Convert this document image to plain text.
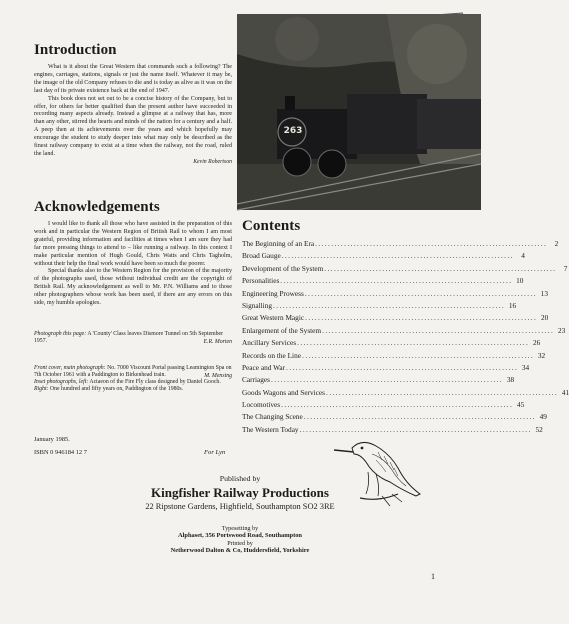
Introduction

What is it about the Great Western that commands such a following? The engines, carriages, stations, signals or just the name itself. Whatever it may be, the image of the old Company refuses to die and is today as alive as it was on the last day of its private existence back at the end of 1947.

This book does not set out to be a concise history of the Company, but to offer, for others far better qualified than the present author have succeeded in recording many aspects already. Instead a glimpse at a railway that has, more than any other, stirred the hearts and minds of the nation for a century and a half. A peep then at its achievements over the years and which hopefully may encourage the student to study deeper into what may only be described as the finest railway company to exist at a time when the railway, not the road, ruled the land.

Kevin Robertson

263
Acknowledgements

I would like to thank all those who have assisted in the preparation of this work and in particular the Western Region of British Rail to whom I am most grateful, providing information and facilities at times when I am sure they had far more pressing things to attend to – like running a railway. In this context I make particular mention of Hugh Gould, Chris Watts and Chris Tagholm, without their help the final work would have been so much the poorer.

Special thanks also to the Western Region for the provision of the majority of the photographs used, those without individual credit are the copyright of British Rail. My acknowledgement as well to Mr. P.N. Williams and to those other photographers whose work has been used, if there are any errors on this side, my humble apologies.

Photograph this page: A 'County' Class leaves Dismore Tunnel on 5th September 1957.	E.R. Morten

Front cover, main photograph: No. 7000 Viscount Portal passing Leamington Spa on 7th October 1961 with a Paddington to Birkenhead train.	M. Mensing

Inset photographs, left: Actaeon of the Fire Fly class designed by Daniel Gooch. Right: One hundred and fifty years on, Paddington of the 1980s.

Contents
The Beginning of an Era ........................................................................	2
Broad Gauge ........................................................................	4
Development of the System ........................................................................	7
Personalities ........................................................................ 10
Engineering Prowess ........................................................................ 13
Signalling ........................................................................ 16
Great Western Magic ........................................................................ 20
Enlargement of the System ........................................................................ 23
Ancillary Services ........................................................................ 26
Records on the Line ........................................................................ 32
Peace and War ........................................................................ 34
Carriages ........................................................................ 38
Goods Wagons and Services ........................................................................ 41
Locomotives ........................................................................ 45
The Changing Scene ........................................................................ 49
The Western Today ........................................................................ 52
January 1985.
ISBN 0 946184 12 7	For Lyn
Published by
Kingfisher Railway Productions
22 Ripstone Gardens, Highfield, Southampton SO2 3RE
Typesetting by
Alphaset, 356 Portswood Road, Southampton
Printed by
Netherwood Dalton & Co, Huddersfield, Yorkshire
1
